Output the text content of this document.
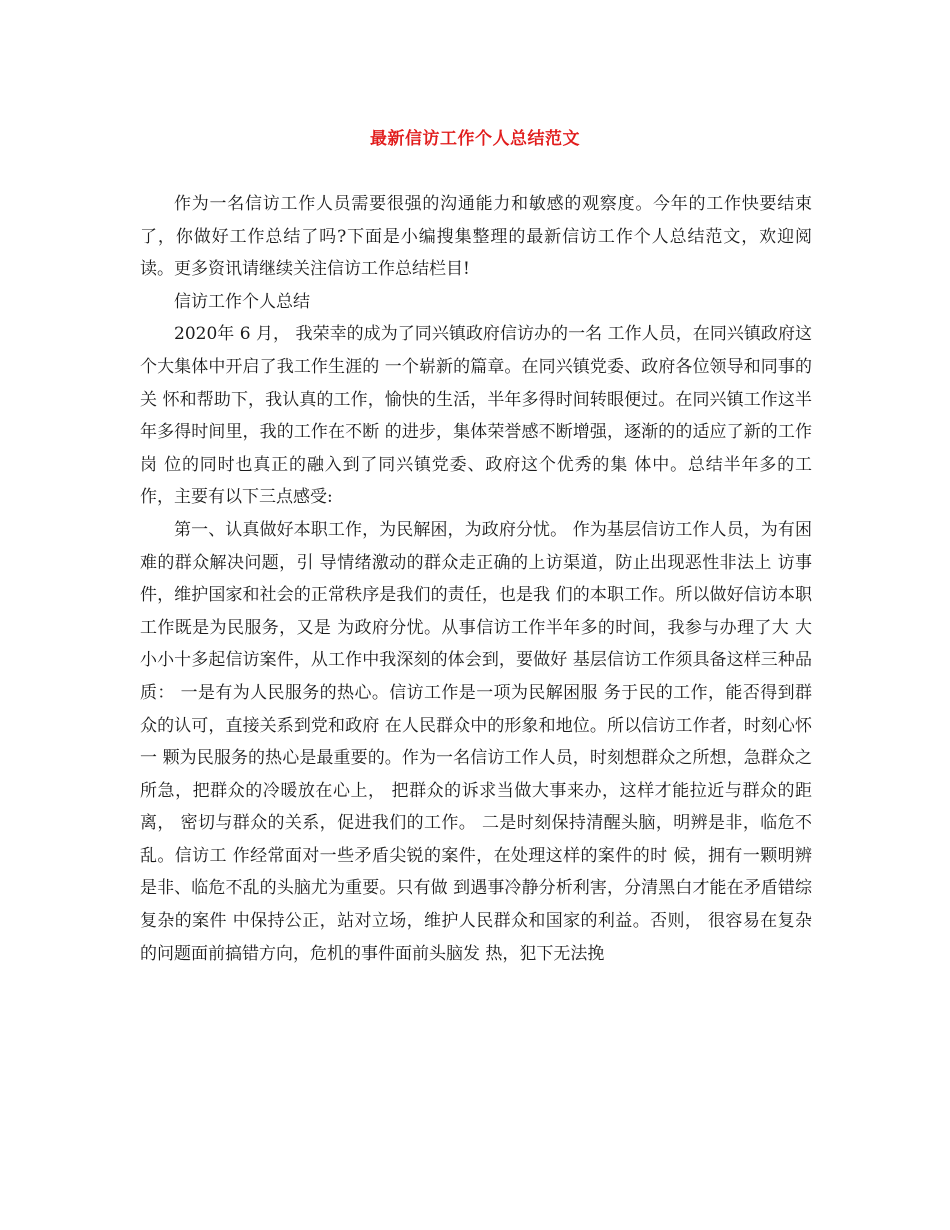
最新信访工作个人总结范文

作为一名信访工作人员需要很强的沟通能力和敏感的观察度。今年的工作快要结束了，你做好工作总结了吗?下面是小编搜集整理的最新信访工作个人总结范文，欢迎阅读。更多资讯请继续关注信访工作总结栏目!

信访工作个人总结

2020年 6 月， 我荣幸的成为了同兴镇政府信访办的一名 工作人员，在同兴镇政府这个大集体中开启了我工作生涯的 一个崭新的篇章。在同兴镇党委、政府各位领导和同事的关 怀和帮助下，我认真的工作，愉快的生活，半年多得时间转眼便过。在同兴镇工作这半年多得时间里，我的工作在不断 的进步，集体荣誉感不断增强，逐渐的的适应了新的工作岗 位的同时也真正的融入到了同兴镇党委、政府这个优秀的集 体中。总结半年多的工作，主要有以下三点感受:

第一、认真做好本职工作，为民解困，为政府分忧。 作为基层信访工作人员，为有困难的群众解决问题，引 导情绪激动的群众走正确的上访渠道，防止出现恶性非法上 访事件，维护国家和社会的正常秩序是我们的责任，也是我 们的本职工作。所以做好信访本职工作既是为民服务，又是 为政府分忧。从事信访工作半年多的时间，我参与办理了大 大小小十多起信访案件，从工作中我深刻的体会到，要做好 基层信访工作须具备这样三种品质： 一是有为人民服务的热心。信访工作是一项为民解困服 务于民的工作，能否得到群众的认可，直接关系到党和政府 在人民群众中的形象和地位。所以信访工作者，时刻心怀一 颗为民服务的热心是最重要的。作为一名信访工作人员，时刻想群众之所想，急群众之所急，把群众的冷暖放在心上， 把群众的诉求当做大事来办，这样才能拉近与群众的距离， 密切与群众的关系，促进我们的工作。 二是时刻保持清醒头脑，明辨是非，临危不乱。信访工 作经常面对一些矛盾尖锐的案件，在处理这样的案件的时 候，拥有一颗明辨是非、临危不乱的头脑尤为重要。只有做 到遇事冷静分析利害，分清黑白才能在矛盾错综复杂的案件 中保持公正，站对立场，维护人民群众和国家的利益。否则， 很容易在复杂的问题面前搞错方向，危机的事件面前头脑发 热，犯下无法挽
